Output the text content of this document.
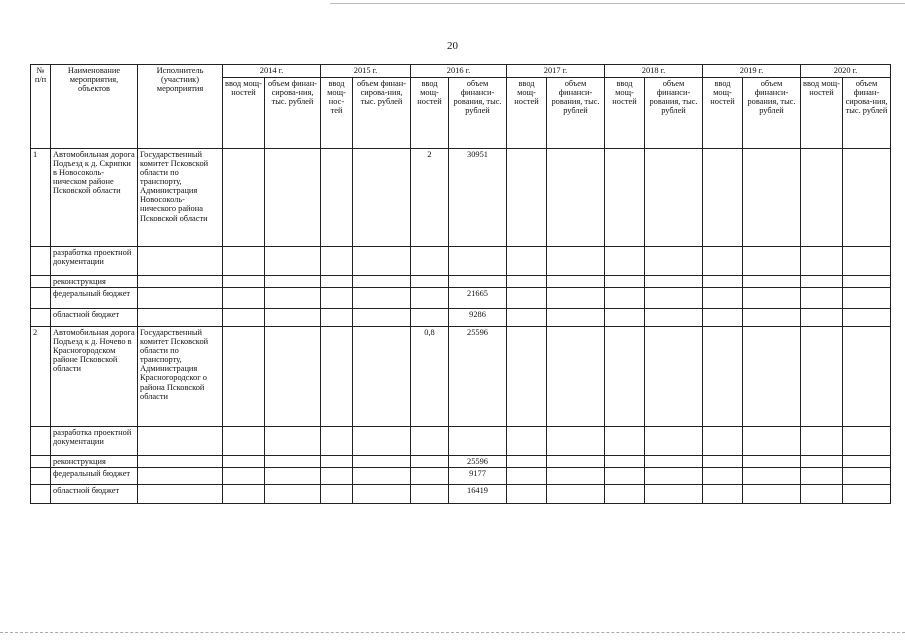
20
№ п/п	Наименование мероприятия, объектов	Исполнитель (участник) мероприятия	2014 г.		2015 г.		2016 г.		2017 г.		2018 г.		2019 г.		2020 г.	
			ввод мощ-ностей	объем финан-сирова-ния, тыс. рублей	ввод мощ-нос-тей	объем финан-сирова-ния, тыс. рублей	ввод мощ-ностей	объем финанси-рования, тыс. рублей	ввод мощ-ностей	объем финанси-рования, тыс. рублей	ввод мощ-ностей	объем финанси-рования, тыс. рублей	ввод мощ-ностей	объем финанси-рования, тыс. рублей	ввод мощ-ностей	объем финан-сирова-ния, тыс. рублей
1	Автомобильная дорога Подъезд к д. Скрипки в Новосоколь-ническом районе Псковской области	Государственный комитет Псковской области по транспорту, Администрация Новосоколь-нического района Псковской области					2	30951								
	разработка проектной документации															
	реконструкция															
	федеральный бюджет							21665								
	областной бюджет							9286								
2	Автомобильная дорога Подъезд к д. Ночево в Красногородском районе Псковской области	Государственный комитет Псковской области по транспорту, Администрация Красногородског о района Псковской области					0,8	25596								
	разработка проектной документации															
	реконструкция							25596								
	федеральный бюджет							9177								
	областной бюджет							16419								
